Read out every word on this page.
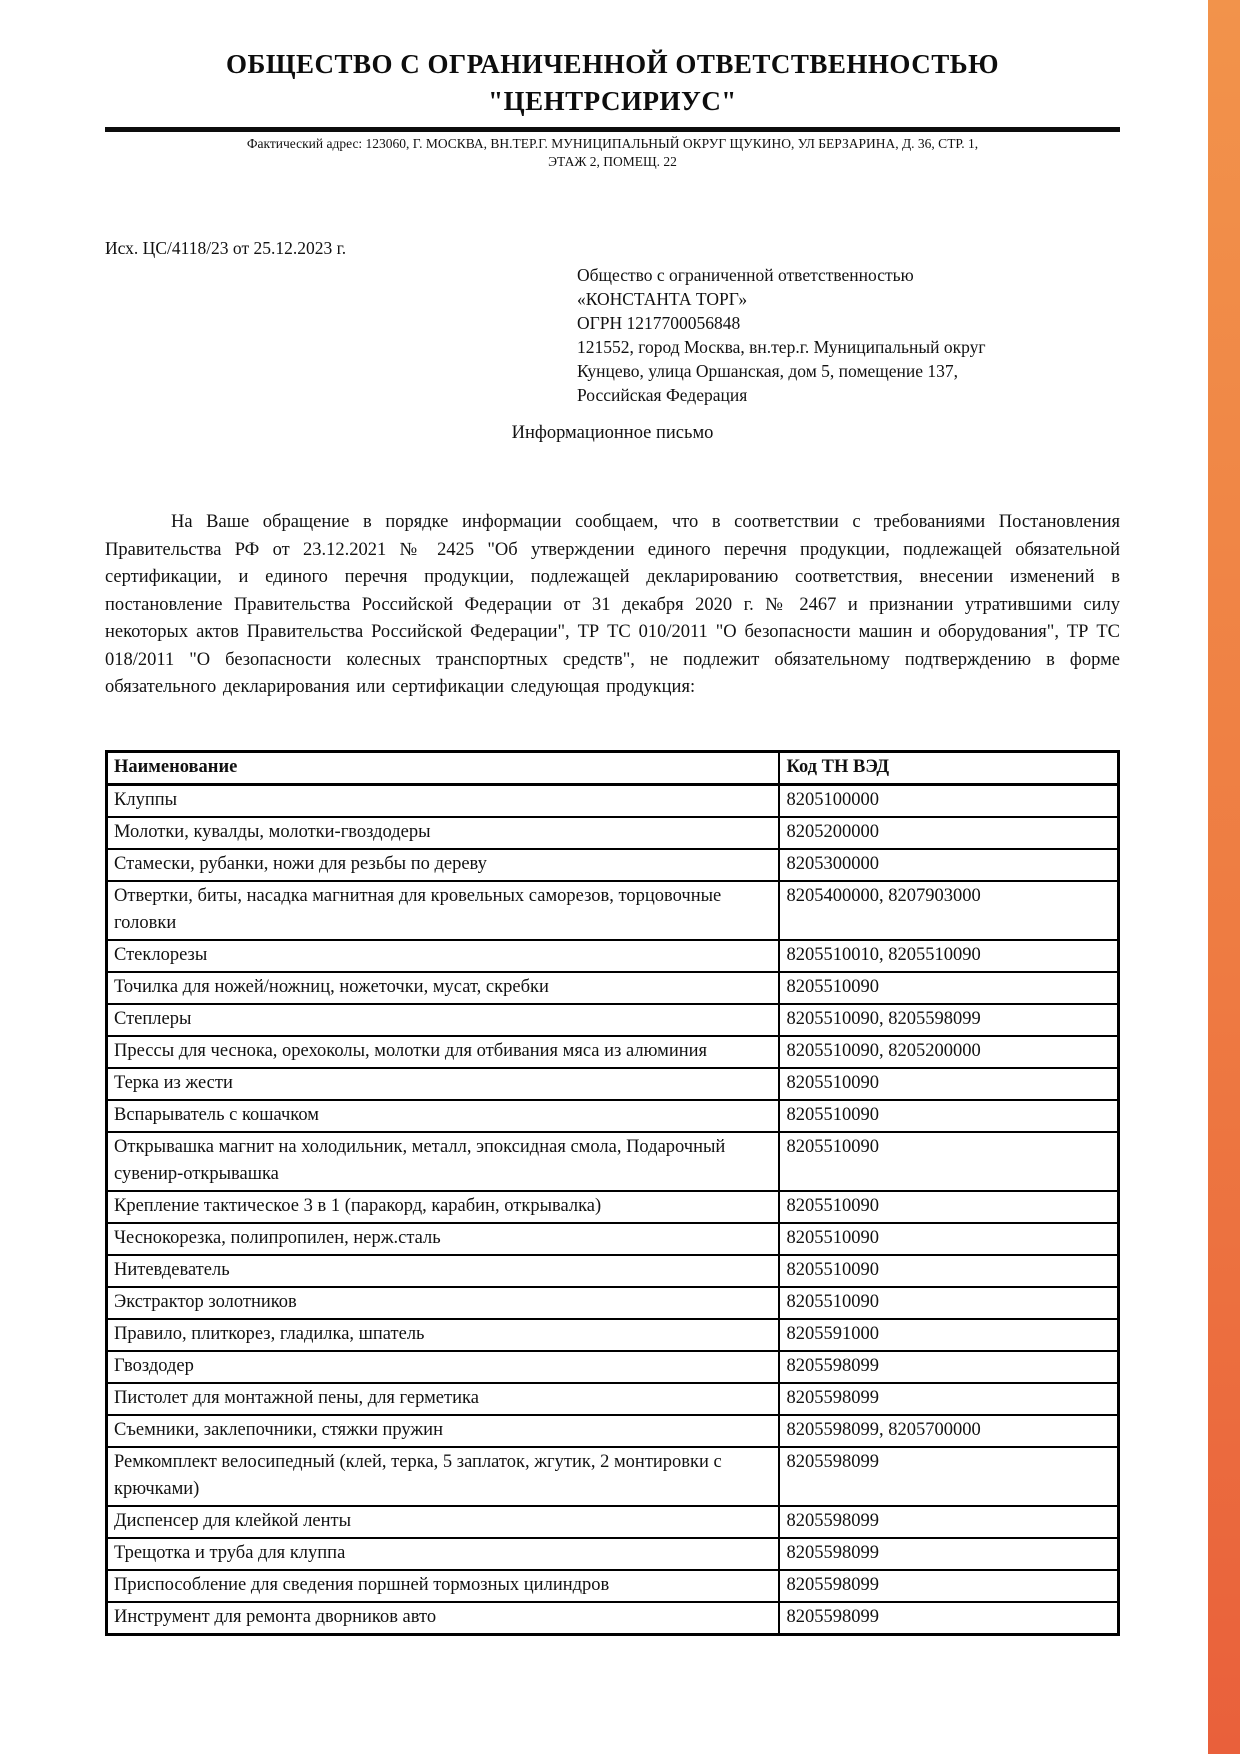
ОБЩЕСТВО С ОГРАНИЧЕННОЙ ОТВЕТСТВЕННОСТЬЮ
"ЦЕНТРСИРИУС"
Фактический адрес: 123060, Г. МОСКВА, ВН.ТЕР.Г. МУНИЦИПАЛЬНЫЙ ОКРУГ ЩУКИНО, УЛ БЕРЗАРИНА, Д. 36, СТР. 1,
ЭТАЖ 2, ПОМЕЩ. 22
Исх. ЦС/4118/23 от 25.12.2023 г.
Общество с ограниченной ответственностью
«КОНСТАНТА ТОРГ»
ОГРН 1217700056848
121552, город Москва, вн.тер.г. Муниципальный округ
Кунцево, улица Оршанская, дом 5, помещение 137,
Российская Федерация
Информационное письмо
На Ваше обращение в порядке информации сообщаем, что в соответствии с требованиями Постановления Правительства РФ от 23.12.2021 № 2425 "Об утверждении единого перечня продукции, подлежащей обязательной сертификации, и единого перечня продукции, подлежащей декларированию соответствия, внесении изменений в постановление Правительства Российской Федерации от 31 декабря 2020 г. № 2467 и признании утратившими силу некоторых актов Правительства Российской Федерации", ТР ТС 010/2011 "О безопасности машин и оборудования", ТР ТС 018/2011 "О безопасности колесных транспортных средств", не подлежит обязательному подтверждению в форме обязательного декларирования или сертификации следующая продукция:
Наименование	Код ТН ВЭД
Клуппы	8205100000
Молотки, кувалды, молотки-гвоздодеры	8205200000
Стамески, рубанки, ножи для резьбы по дереву	8205300000
Отвертки, биты, насадка магнитная для кровельных саморезов, торцовочные головки	8205400000, 8207903000
Стеклорезы	8205510010, 8205510090
Точилка для ножей/ножниц, ножеточки, мусат, скребки	8205510090
Степлеры	8205510090, 8205598099
Прессы для чеснока, орехоколы, молотки для отбивания мяса из алюминия	8205510090, 8205200000
Терка из жести	8205510090
Вспарыватель с кошачком	8205510090
Открывашка магнит на холодильник, металл, эпоксидная смола, Подарочный сувенир-открывашка	8205510090
Крепление тактическое 3 в 1 (паракорд, карабин, открывалка)	8205510090
Чеснокорезка, полипропилен, нерж.сталь	8205510090
Нитевдеватель	8205510090
Экстрактор золотников	8205510090
Правило, плиткорез, гладилка, шпатель	8205591000
Гвоздодер	8205598099
Пистолет для монтажной пены, для герметика	8205598099
Съемники, заклепочники, стяжки пружин	8205598099, 8205700000
Ремкомплект велосипедный (клей, терка, 5 заплаток, жгутик, 2 монтировки с крючками)	8205598099
Диспенсер для клейкой ленты	8205598099
Трещотка и труба для клуппа	8205598099
Приспособление для сведения поршней тормозных цилиндров	8205598099
Инструмент для ремонта дворников авто	8205598099
